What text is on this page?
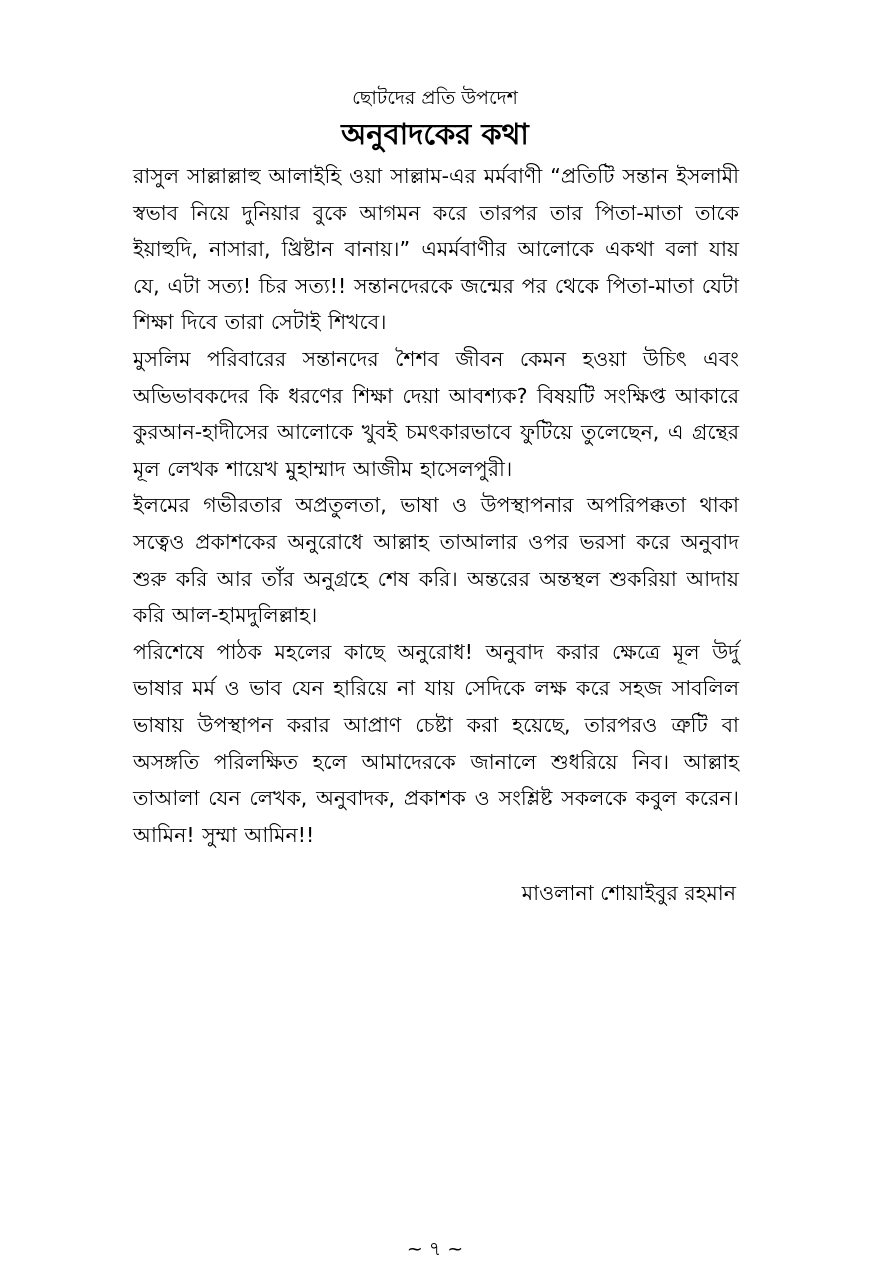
ছোটদের প্রতি উপদেশ
অনুবাদকের কথা

রাসুল সাল্লাল্লাহু আলাইহি ওয়া সাল্লাম-এর মর্মবাণী “প্রতিটি সন্তান ইসলামী স্বভাব নিয়ে দুনিয়ার বুকে আগমন করে তারপর তার পিতা-মাতা তাকে ইয়াহুদি, নাসারা, খ্রিষ্টান বানায়।” এমর্মবাণীর আলোকে একথা বলা যায় যে, এটা সত্য! চির সত্য!! সন্তানদেরকে জন্মের পর থেকে পিতা-মাতা যেটা শিক্ষা দিবে তারা সেটাই শিখবে।

মুসলিম পরিবারের সন্তানদের শৈশব জীবন কেমন হওয়া উচিৎ এবং অভিভাবকদের কি ধরণের শিক্ষা দেয়া আবশ্যক? বিষয়টি সংক্ষিপ্ত আকারে কুরআন-হাদীসের আলোকে খুবই চমৎকারভাবে ফুটিয়ে তুলেছেন, এ গ্রন্থের মূল লেখক শায়েখ মুহাম্মাদ আজীম হাসেলপুরী।

ইলমের গভীরতার অপ্রতুলতা, ভাষা ও উপস্থাপনার অপরিপক্কতা থাকা সত্বেও প্রকাশকের অনুরোধে আল্লাহ তাআলার ওপর ভরসা করে অনুবাদ শুরু করি আর তাঁর অনুগ্রহে শেষ করি। অন্তরের অন্তস্থল শুকরিয়া আদায় করি আল-হামদুলিল্লাহ।

পরিশেষে পাঠক মহলের কাছে অনুরোধ! অনুবাদ করার ক্ষেত্রে মূল উর্দু ভাষার মর্ম ও ভাব যেন হারিয়ে না যায় সেদিকে লক্ষ করে সহজ সাবলিল ভাষায় উপস্থাপন করার আপ্রাণ চেষ্টা করা হয়েছে, তারপরও ত্রুটি বা অসঙ্গতি পরিলক্ষিত হলে আমাদেরকে জানালে শুধরিয়ে নিব। আল্লাহ তাআলা যেন লেখক, অনুবাদক, প্রকাশক ও সংশ্লিষ্ট সকলকে কবুল করেন। আমিন! সুম্মা আমিন!!

মাওলানা শোয়াইবুর রহমান
~ ৭ ~
